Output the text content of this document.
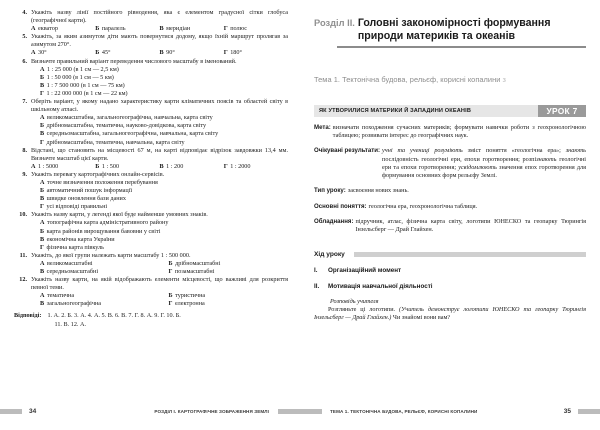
4. Укажіть назву лінії постійного рівнодення, яка є елементом градусної сітки глобуса (географічної карти).
А екватор	Б паралель	В меридіан	Г полюс
5. Укажіть, за яким азимутом діти мають повернутися додому, якщо їхній маршрут пролягав за азимутом 270°.
А 30°	Б 45°	В 90°	Г 180°
6. Визначте правильний варіант переведення числового масштабу в іменований.
А 1 : 25 000 (в 1 см — 2,5 км)
Б 1 : 50 000 (в 1 см — 5 км)
В 1 : 7 500 000 (в 1 см — 75 км)
Г 1 : 22 000 000 (в 1 см — 22 км)
7. Оберіть варіант, у якому надано характеристику карти кліматичних поясів та областей світу в шкільному атласі.
А великомасштабна, загальногеографічна, навчальна, карта світу
Б дрібномасштабна, тематична, науково-довідкова, карта світу
В середньомасштабна, загальногеографічна, навчальна, карта світу
Г дрібномасштабна, тематична, навчальна, карта світу
8. Відстані, що становить на місцевості 67 м, на карті відповідає відрізок завдовжки 13,4 мм. Визначте масштаб цієї карти.
А 1 : 5000	Б 1 : 500	В 1 : 200	Г 1 : 2000
9. Укажіть перевагу картографічних онлайн-сервісів.
А точне визначення положення перебування
Б автоматичний пошук інформації
В швидке оновлення бази даних
Г усі відповіді правильні
10. Укажіть назву карти, у легенді якої буде найменше умовних знаків.
А топографічна карта адміністративного району
Б карта районів вирощування бавовни у світі
В економічна карта України
Г фізична карта півкуль
11. Укажіть, до якої групи належать карти масштабу 1 : 500 000.
А великомасштабні	Б дрібномасштабні
В середньомасштабні	Г позамасштабні
12. Укажіть назву карти, на якій відображають елементи місцевості, що важливі для розкриття певної теми.
А тематична	Б туристична
В загальногеографічна	Г електронна
Відповіді: 1. А. 2. Б. 3. А. 4. А. 5. В. 6. В. 7. Г. 8. А. 9. Г. 10. Б.
11. В. 12. А.
34	РОЗДІЛ І. КАРТОГРАФІЧНЕ ЗОБРАЖЕННЯ ЗЕМЛІ
Розділ II. Головні закономірності формування природи материків та океанів
Тема 1. Тектонічна будова, рельєф, корисні копалини з
ЯК УТВОРИЛИСЯ МАТЕРИКИ Й ЗАПАДИНИ ОКЕАНІВ	УРОК 7
Мета: визначати походження сучасних материків; формувати навички роботи з геохронологічною таблицею; розвивати інтерес до географічних наук.
Очікувані результати: учні та учениці розуміють зміст поняття «геологічна ера»; знають послідовність геологічні ери, епохи горотворення; розпізнають геологічні ери та епохи горотворення; усвідомлюють значення епох горотворення для формування основних форм рельєфу Землі.
Тип уроку: засвоєння нових знань.
Основні поняття: геологічна ера, геохронологічна таблиця.
Обладнання: підручник, атлас, фізична карта світу, логотипи ЮНЕСКО та геопарку Тюрингія Інзельсберг — Драй Глайхен.
Хід уроку
I.	Організаційний момент
II.	Мотивація навчальної діяльності
Розповідь учителя
Розгляньте ці логотипи. (Учитель демонструє логотипи ЮНЕСКО та геопарку Тюрингія Інзельсберг — Драй Глайхен.) Чи знайомі вони вам?
ТЕМА 1. ТЕКТОНІЧНА БУДОВА, РЕЛЬЄФ, КОРИСНІ КОПАЛИНИ	35
